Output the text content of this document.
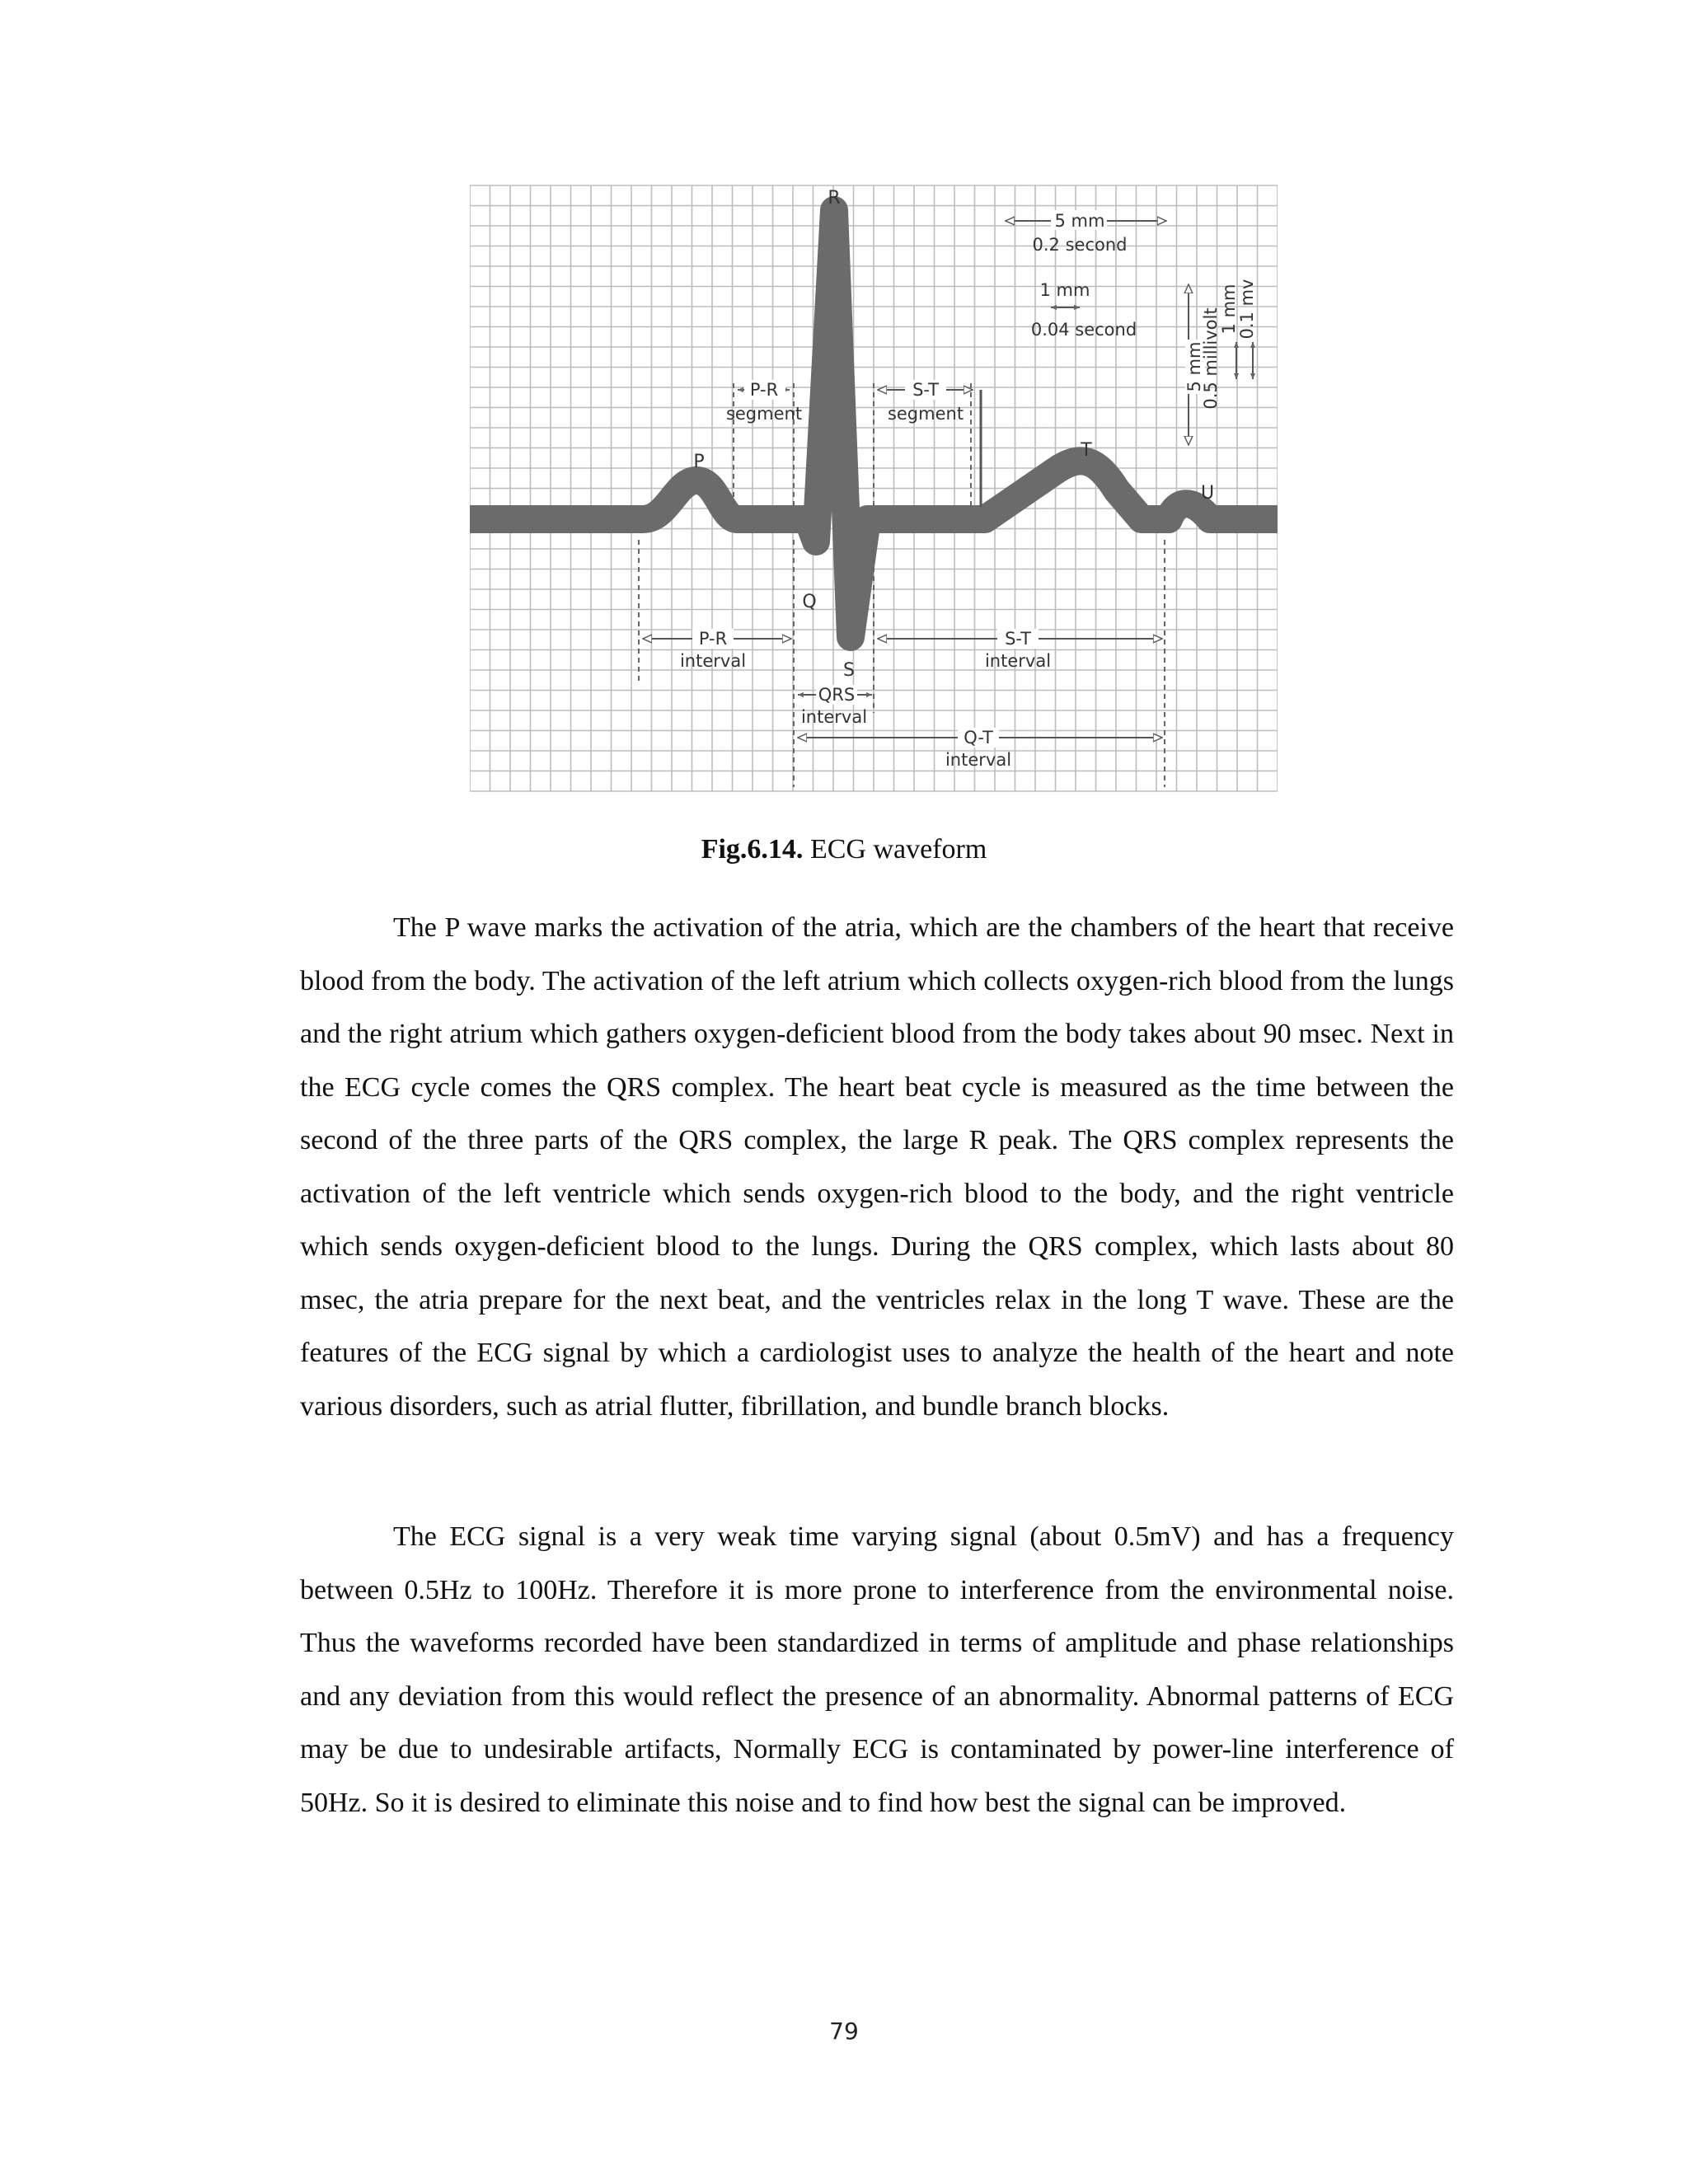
R
P
Q
S
T
U
P-R
segment
S-T
segment
P-R
interval
QRS
interval
S-T
interval
Q-T
interval
5 mm
0.2 second
1 mm
0.04 second
5 mm
0.5 millivolt
1 mm
0.1 mv
Fig.6.14. ECG waveform

The P wave marks the activation of the atria, which are the chambers of the heart that receive blood from the body. The activation of the left atrium which collects oxygen-rich blood from the lungs and the right atrium which gathers oxygen-deficient blood from the body takes about 90 msec. Next in the ECG cycle comes the QRS complex. The heart beat cycle is measured as the time between the second of the three parts of the QRS complex, the large R peak. The QRS complex represents the activation of the left ventricle which sends oxygen-rich blood to the body, and the right ventricle which sends oxygen-deficient blood to the lungs. During the QRS complex, which lasts about 80 msec, the atria prepare for the next beat, and the ventricles relax in the long T wave. These are the features of the ECG signal by which a cardiologist uses to analyze the health of the heart and note various disorders, such as atrial flutter, fibrillation, and bundle branch blocks.

The ECG signal is a very weak time varying signal (about 0.5mV) and has a frequency between 0.5Hz to 100Hz. Therefore it is more prone to interference from the environmental noise. Thus the waveforms recorded have been standardized in terms of amplitude and phase relationships and any deviation from this would reflect the presence of an abnormality. Abnormal patterns of ECG may be due to undesirable artifacts, Normally ECG is contaminated by power-line interference of 50Hz. So it is desired to eliminate this noise and to find how best the signal can be improved.

79
